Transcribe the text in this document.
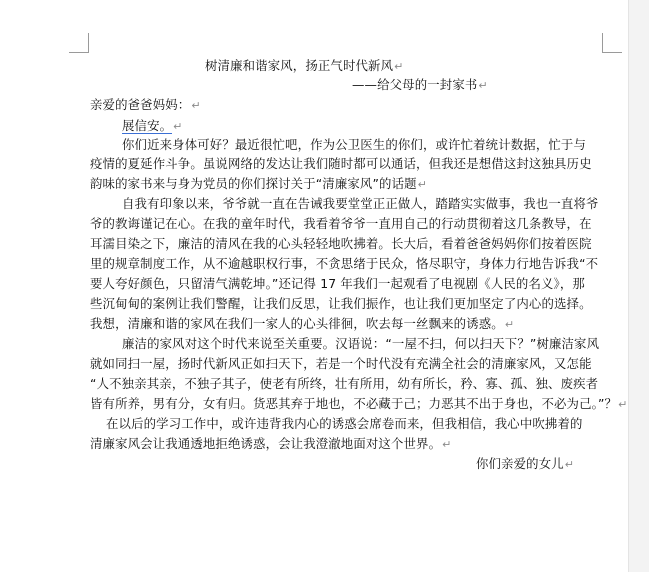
树清廉和谐家风，扬正气时代新风↵
——给父母的一封家书↵
亲爱的爸爸妈妈：↵
展信安。↵
你们近来身体可好？最近很忙吧，作为公卫医生的你们，或许忙着统计数据，忙于与
疫情的夏延作斗争。虽说网络的发达让我们随时都可以通话，但我还是想借这封这独具历史
韵味的家书来与身为党员的你们探讨关于“清廉家风”的话题↵
自我有印象以来，爷爷就一直在告诫我要堂堂正正做人，踏踏实实做事，我也一直将爷
爷的教诲谨记在心。在我的童年时代，我看着爷爷一直用自己的行动贯彻着这几条教导，在
耳濡目染之下，廉洁的清风在我的心头轻轻地吹拂着。长大后，看着爸爸妈妈你们按着医院
里的规章制度工作，从不逾越职权行事，不贪思绪于民众，恪尽职守，身体力行地告诉我“不
要人夸好颜色，只留清气满乾坤。”还记得 17 年我们一起观看了电视剧《人民的名义》，那
些沉甸甸的案例让我们警醒，让我们反思，让我们振作，也让我们更加坚定了内心的选择。
我想，清廉和谐的家风在我们一家人的心头徘徊，吹去每一丝飘来的诱惑。↵
廉洁的家风对这个时代来说至关重要。汉语说：“一屋不扫，何以扫天下？”树廉洁家风
就如同扫一屋，扬时代新风正如扫天下，若是一个时代没有充满全社会的清廉家风，又怎能
“人不独亲其亲，不独子其子，使老有所终，壮有所用，幼有所长，矜、寡、孤、独、废疾者
皆有所养，男有分，女有归。货恶其弃于地也，不必藏于己；力恶其不出于身也，不必为己。”？↵
在以后的学习工作中，或许违背我内心的诱惑会席卷而来，但我相信，我心中吹拂着的
清廉家风会让我通透地拒绝诱惑，会让我澄澈地面对这个世界。↵
你们亲爱的女儿↵
